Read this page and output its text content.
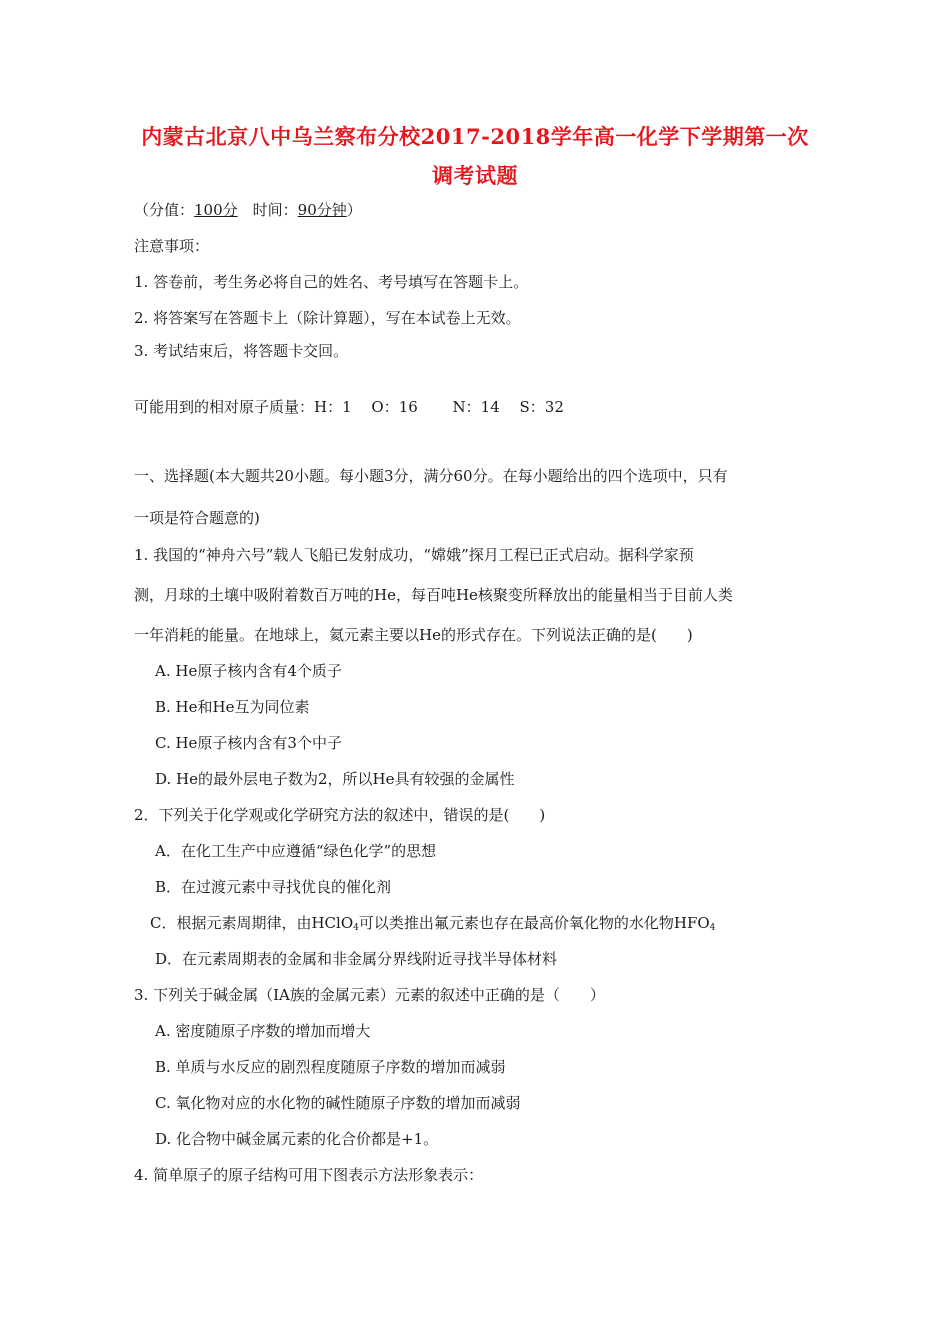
内蒙古北京八中乌兰察布分校2017-2018学年高一化学下学期第一次
调考试题
（分值：100分　时间：90分钟）
注意事项：
1. 答卷前，考生务必将自己的姓名、考号填写在答题卡上。
2. 将答案写在答题卡上（除计算题），写在本试卷上无效。
3. 考试结束后，将答题卡交回。
可能用到的相对原子质量：H：1　 O：16　　 N：14　 S：32
一、选择题(本大题共20小题。每小题3分，满分60分。在每小题给出的四个选项中，只有
一项是符合题意的)
1. 我国的“神舟六号”载人飞船已发射成功，“嫦娥”探月工程已正式启动。据科学家预
测，月球的土壤中吸附着数百万吨的He，每百吨He核聚变所释放出的能量相当于目前人类
一年消耗的能量。在地球上，氦元素主要以He的形式存在。下列说法正确的是(　　)
A. He原子核内含有4个质子
B. He和He互为同位素
C. He原子核内含有3个中子
D. He的最外层电子数为2，所以He具有较强的金属性
2．下列关于化学观或化学研究方法的叙述中，错误的是(　　)
A．在化工生产中应遵循“绿色化学”的思想
B．在过渡元素中寻找优良的催化剂
C．根据元素周期律，由HClO$_4$可以类推出氟元素也存在最高价氧化物的水化物$HFO_4$
D．在元素周期表的金属和非金属分界线附近寻找半导体材料
3. 下列关于碱金属（ⅠA族的金属元素）元素的叙述中正确的是（　　）
A. 密度随原子序数的增加而增大
B. 单质与水反应的剧烈程度随原子序数的增加而减弱
C. 氧化物对应的水化物的碱性随原子序数的增加而减弱
D. 化合物中碱金属元素的化合价都是+1。
4. 简单原子的原子结构可用下图表示方法形象表示：
